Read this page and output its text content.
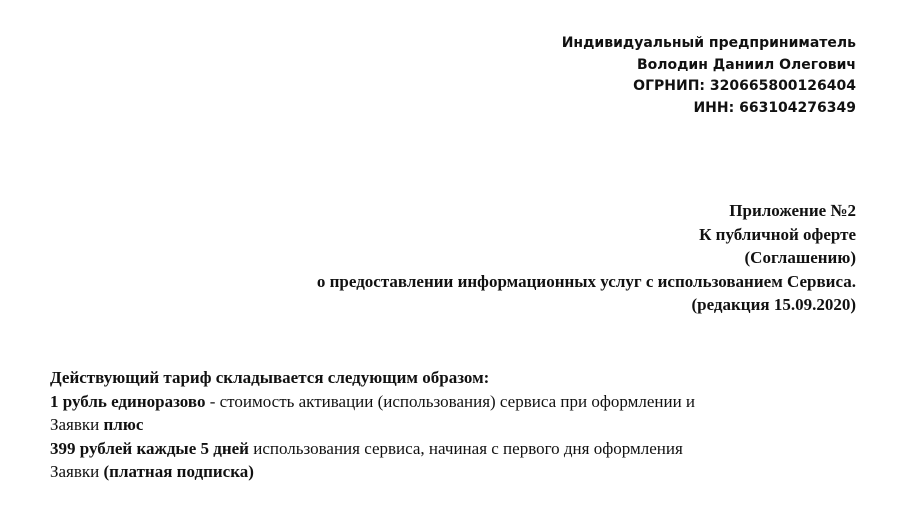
Индивидуальный предприниматель
Володин Даниил Олегович
ОГРНИП: 320665800126404
ИНН: 663104276349
Приложение №2
К публичной оферте
(Соглашению)
о предоставлении информационных услуг с использованием Сервиса.
(редакция 15.09.2020)
Действующий тариф складывается следующим образом:
1 рубль единоразово - стоимость активации (использования) сервиса при оформлении и
Заявки плюс
399 рублей каждые 5 дней использования сервиса, начиная с первого дня оформления
Заявки (платная подписка)
